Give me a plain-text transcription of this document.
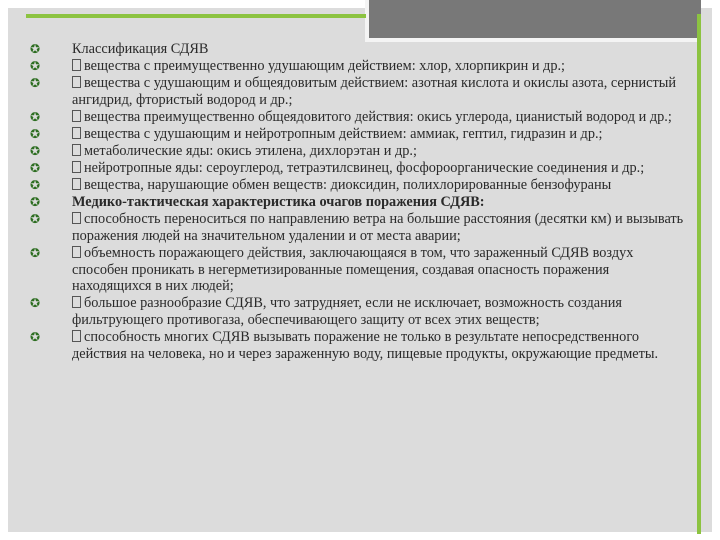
✪ Классификация СДЯВ
✪	вещества с преимущественно удушающим действием: хлор, хлорпикрин и др.;
✪	вещества с удушающим и общеядовитым действием: азотная кислота и окислы азота, сернистый ангидрид, фтористый водород и др.;
✪	вещества преимущественно общеядовитого действия: окись углерода, цианистый водород и др.;
✪	вещества с удушающим и нейротропным действием: аммиак, гептил, гидразин и др.;
✪	метаболические яды: окись этилена, дихлорэтан и др.;
✪	нейротропные яды: сероуглерод, тетраэтилсвинец, фосфороорганические соединения и др.;
✪	вещества, нарушающие обмен веществ: диоксидин, полихлорированные бензофураны
✪ Медико-тактическая характеристика очагов поражения СДЯВ:
✪	способность переноситься по направлению ветра на большие расстояния (десятки км) и вызывать поражения людей на значительном удалении и от места аварии;
✪	объемность поражающего действия, заключающаяся в том, что зараженный СДЯВ воздух способен проникать в негерметизированные помещения, создавая опасность поражения находящихся в них людей;
✪	большое разнообразие СДЯВ, что затрудняет, если не исключает, возможность создания фильтрующего противогаза, обеспечивающего защиту от всех этих веществ;
✪	способность многих СДЯВ вызывать поражение не только в результате непосредственного действия на человека, но и через зараженную воду, пищевые продукты, окружающие предметы.
